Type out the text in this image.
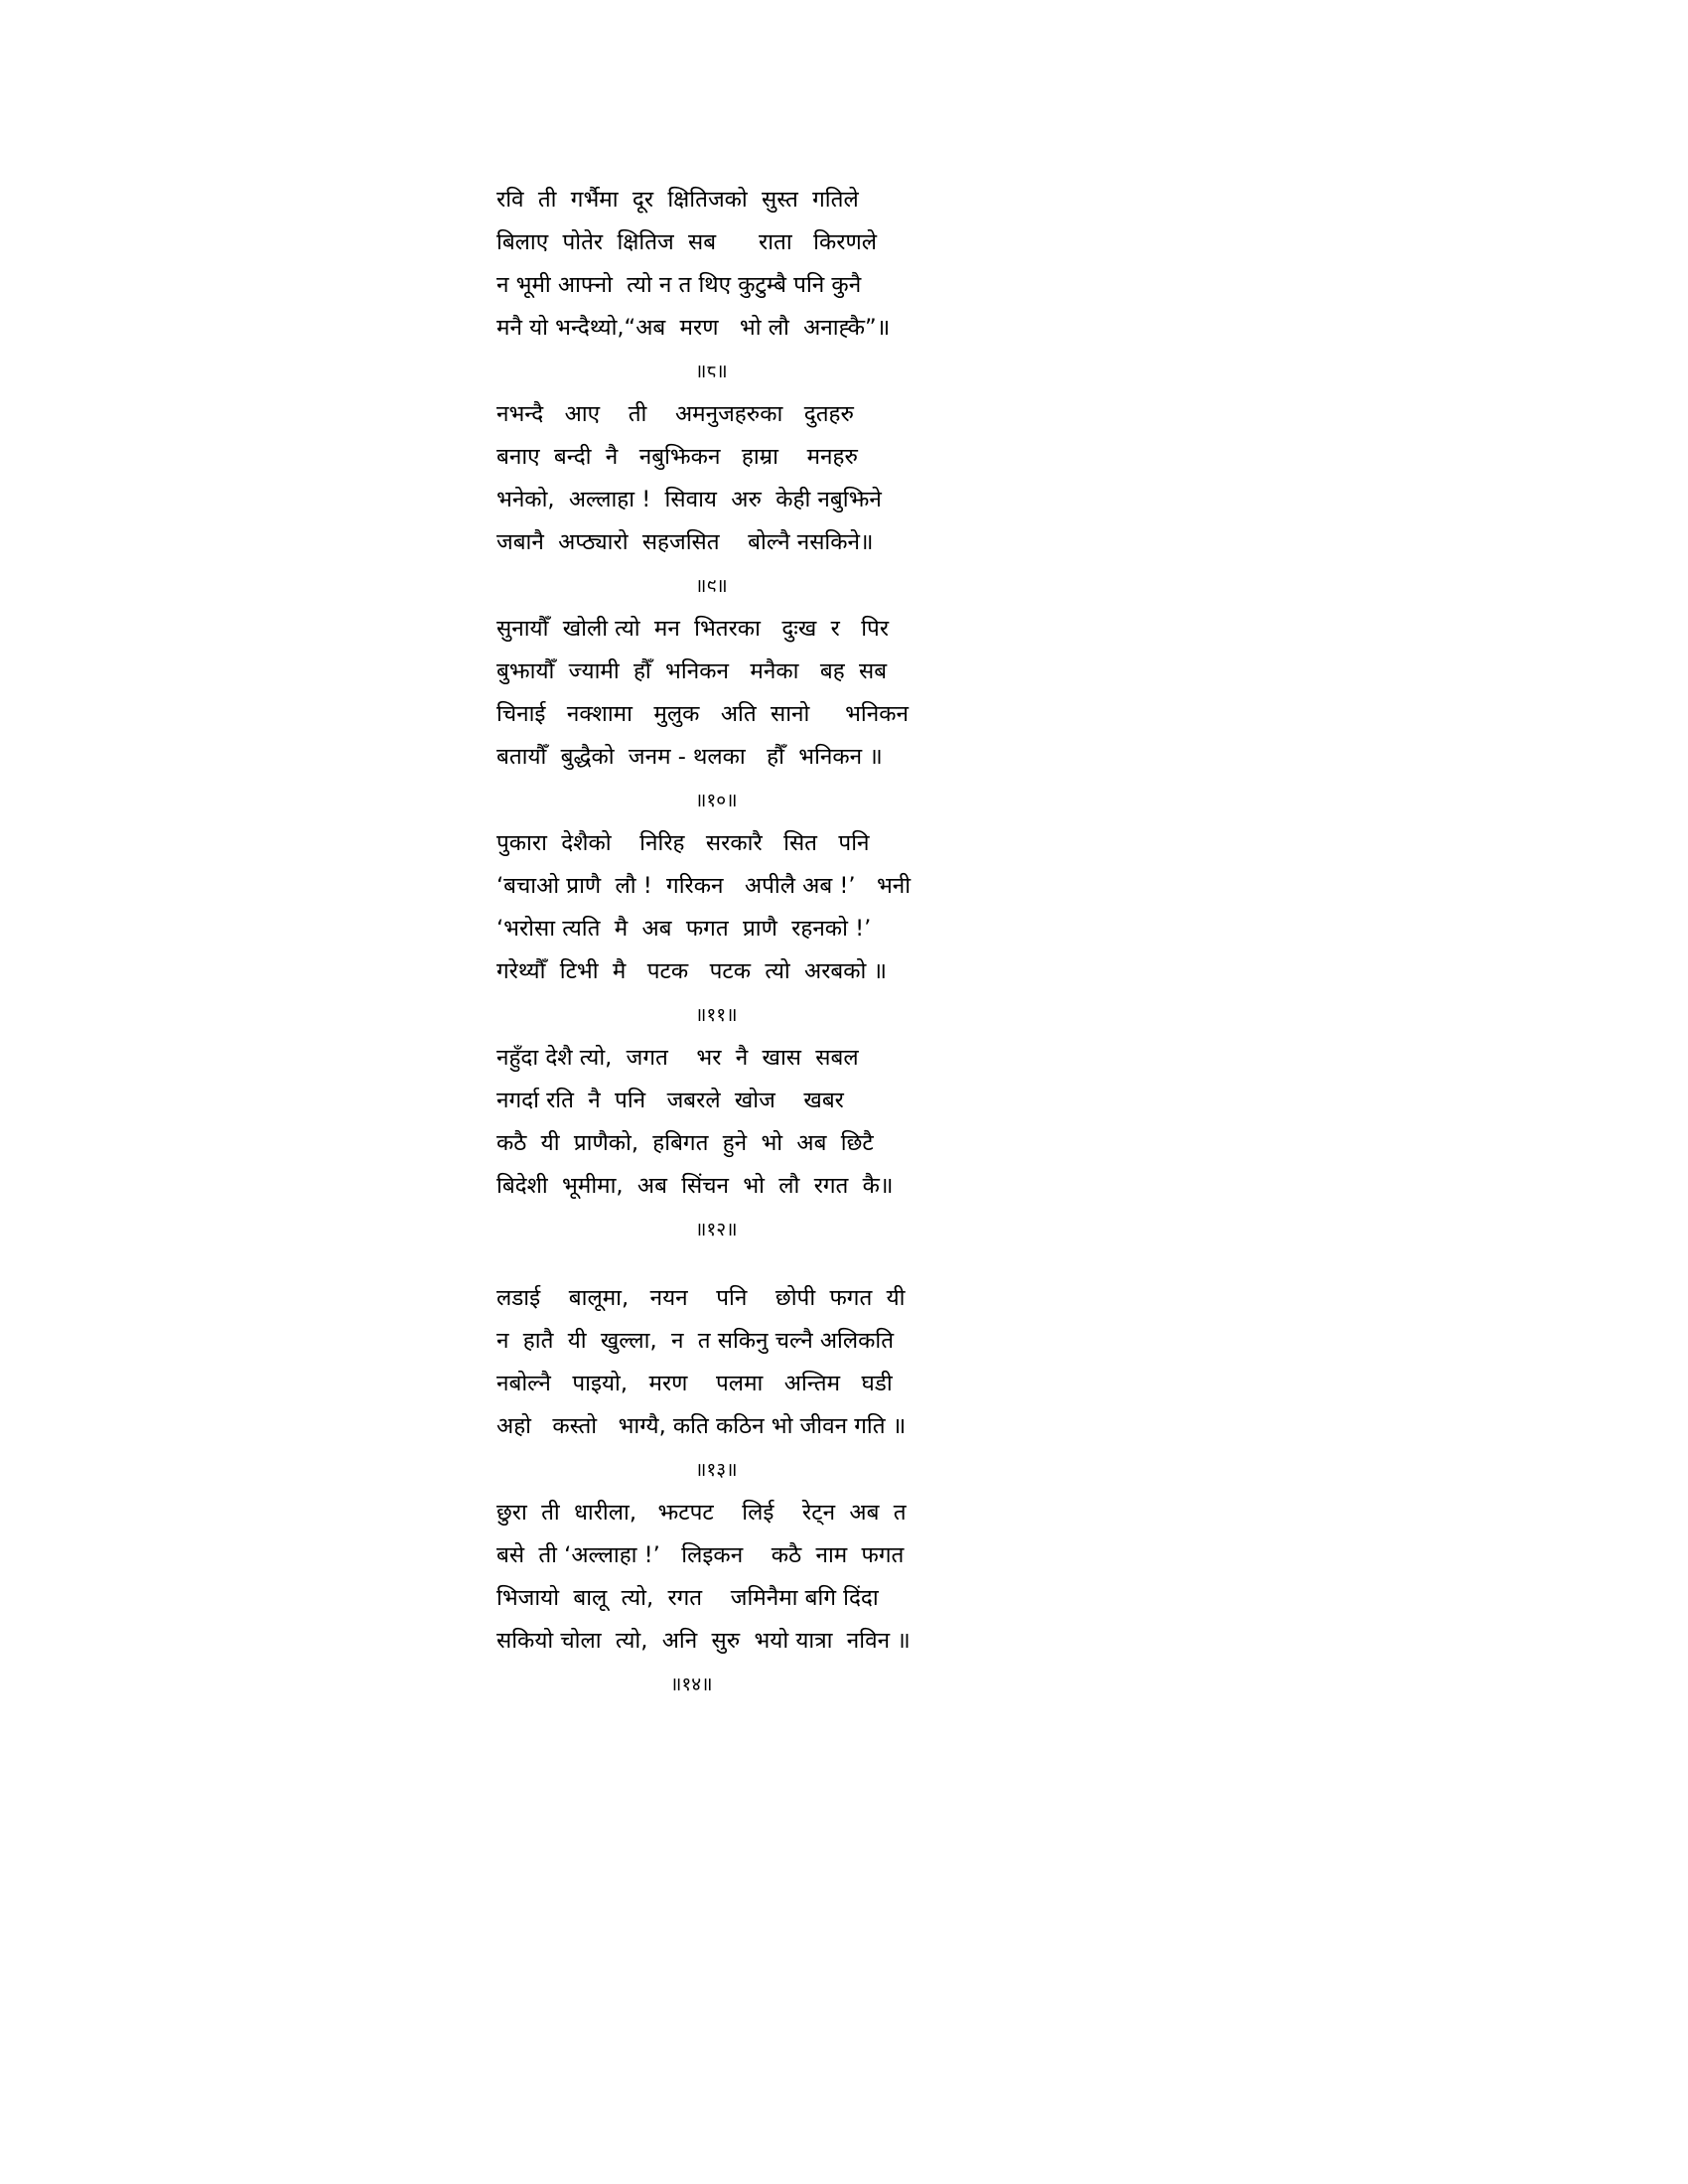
रवि  ती  गर्भैमा  दूर  क्षितिजको  सुस्त  गतिले
बिलाए  पोतेर  क्षितिज  सब      राता   किरणले
न भूमी आफ्नो  त्यो न त थिए कुटुम्बै पनि कुनै
मनै यो भन्दैथ्यो,“अब  मरण   भो लौ  अनाह्कै”॥
॥८॥
नभन्दै   आए    ती    अमनुजहरुका   दुतहरु
बनाए  बन्दी  नै   नबुझिकन   हाम्रा    मनहरु
भनेको,  अल्लाहा !  सिवाय  अरु  केही नबुझिने
जबानै  अप्ठ्यारो  सहजसित    बोल्नै नसकिने॥
॥९॥
सुनायौँ  खोली त्यो  मन  भितरका   दुःख  र   पिर
बुझायौँ  ज्यामी  हौँ  भनिकन   मनैका   बह  सब
चिनाई   नक्शामा   मुलुक   अति  सानो     भनिकन
बतायौँ  बुद्धैको  जनम - थलका   हौँ  भनिकन ॥
॥१०॥
पुकारा  देशैको    निरिह   सरकारै   सित   पनि
‘बचाओ प्राणै  लौ !  गरिकन   अपीलै अब !’   भनी
‘भरोसा त्यति  मै  अब  फगत  प्राणै  रहनको !’
गरेथ्यौँ  टिभी  मै   पटक   पटक  त्यो  अरबको ॥
॥११॥
नहुँदा देशै त्यो,  जगत    भर  नै  खास  सबल
नगर्दा रति  नै  पनि   जबरले  खोज    खबर
कठै  यी  प्राणैको,  हबिगत  हुने  भो  अब  छिटै
बिदेशी  भूमीमा,  अब  सिंचन  भो  लौ  रगत  कै॥
॥१२॥
लडाई    बालूमा,   नयन    पनि    छोपी  फगत  यी
न  हातै  यी  खुल्ला,  न  त सकिनु चल्नै अलिकति
नबोल्नै   पाइयो,   मरण    पलमा   अन्तिम   घडी
अहो   कस्तो   भाग्यै, कति कठिन भो जीवन गति ॥
॥१३॥
छुरा  ती  धारीला,   झटपट    लिई    रेट्न  अब  त
बसे  ती ‘अल्लाहा !’   लिइकन    कठै  नाम  फगत
भिजायो  बालू  त्यो,  रगत    जमिनैमा बगि दिंदा
सकियो चोला  त्यो,  अनि  सुरु  भयो यात्रा  नविन ॥
॥१४॥
